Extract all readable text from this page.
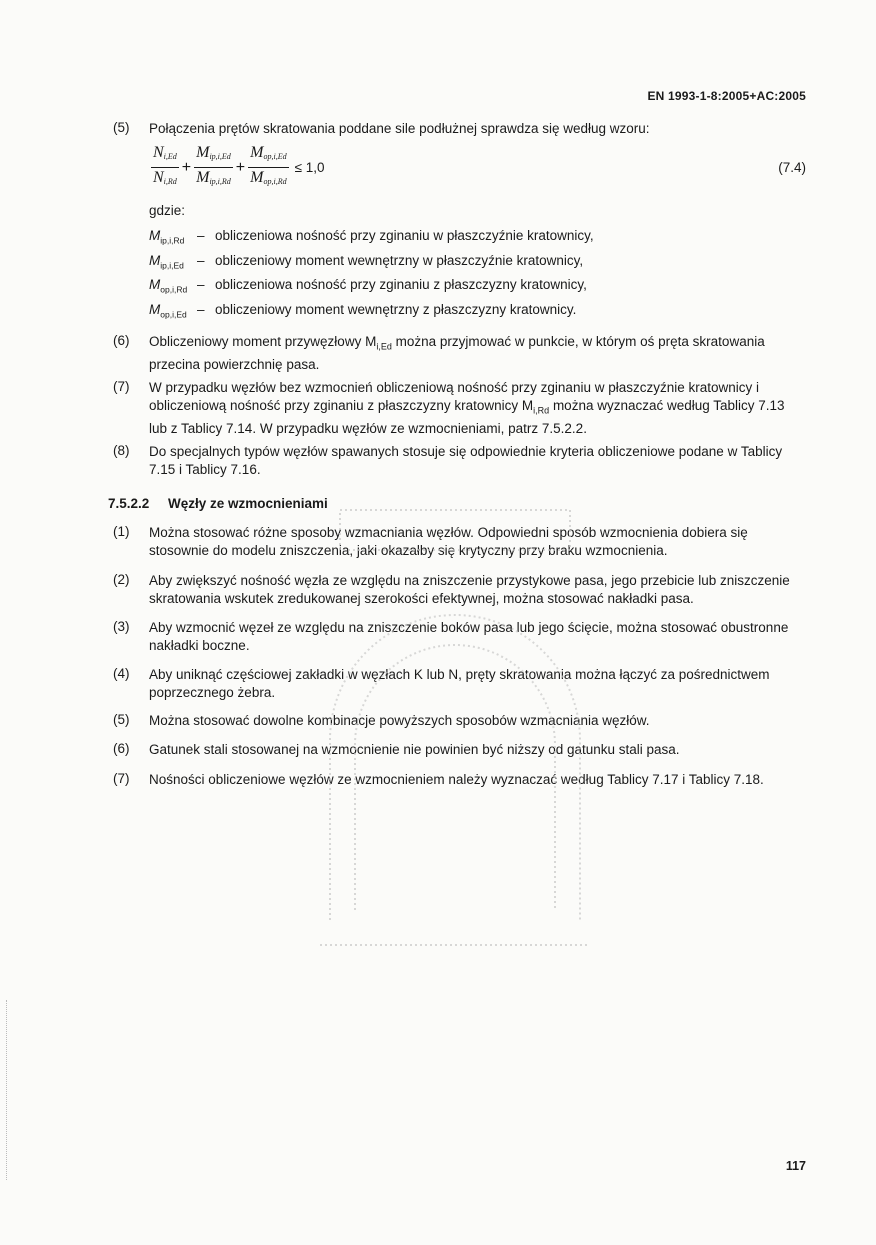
EN 1993-1-8:2005+AC:2005
(5) Połączenia prętów skratowania poddane sile podłużnej sprawdza się według wzoru:
$\frac{N_{i,Ed}}{N_{i,Rd}} + \frac{M_{ip,i,Ed}}{M_{ip,i,Rd}} + \frac{M_{op,i,Ed}}{M_{op,i,Rd}} \le 1,0$	(7.4)
gdzie:
$M_{ip,i,Rd}$ – obliczeniowa nośność przy zginaniu w płaszczyźnie kratownicy,
$M_{ip,i,Ed}$ – obliczeniowy moment wewnętrzny w płaszczyźnie kratownicy,
$M_{op,i,Rd}$ – obliczeniowa nośność przy zginaniu z płaszczyzny kratownicy,
$M_{op,i,Ed}$ – obliczeniowy moment wewnętrzny z płaszczyzny kratownicy.
(6) Obliczeniowy moment przywęzłowy $M_{i,Ed}$ można przyjmować w punkcie, w którym oś pręta skratowania przecina powierzchnię pasa.
(7) W przypadku węzłów bez wzmocnień obliczeniową nośność przy zginaniu w płaszczyźnie kratownicy i obliczeniową nośność przy zginaniu z płaszczyzny kratownicy $M_{i,Rd}$ można wyznaczać według Tablicy 7.13 lub z Tablicy 7.14. W przypadku węzłów ze wzmocnieniami, patrz 7.5.2.2.
(8) Do specjalnych typów węzłów spawanych stosuje się odpowiednie kryteria obliczeniowe podane w Tablicy 7.15 i Tablicy 7.16.
7.5.2.2 Węzły ze wzmocnieniami
(1) Można stosować różne sposoby wzmacniania węzłów. Odpowiedni sposób wzmocnienia dobiera się stosownie do modelu zniszczenia, jaki okazałby się krytyczny przy braku wzmocnienia.
(2) Aby zwiększyć nośność węzła ze względu na zniszczenie przystykowe pasa, jego przebicie lub zniszczenie skratowania wskutek zredukowanej szerokości efektywnej, można stosować nakładki pasa.
(3) Aby wzmocnić węzeł ze względu na zniszczenie boków pasa lub jego ścięcie, można stosować obustronne nakładki boczne.
(4) Aby uniknąć częściowej zakładki w węzłach K lub N, pręty skratowania można łączyć za pośrednictwem poprzecznego żebra.
(5) Można stosować dowolne kombinacje powyższych sposobów wzmacniania węzłów.
(6) Gatunek stali stosowanej na wzmocnienie nie powinien być niższy od gatunku stali pasa.
(7) Nośności obliczeniowe węzłów ze wzmocnieniem należy wyznaczać według Tablicy 7.17 i Tablicy 7.18.
117
